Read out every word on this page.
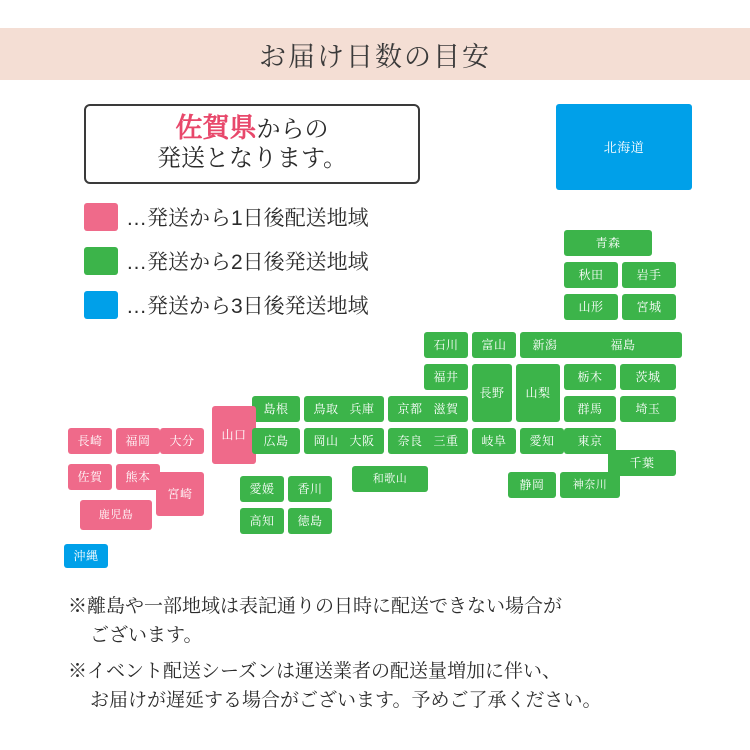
お届け日数の目安
佐賀県からの
発送となります。
…発送から1日後配送地域
…発送から2日後発送地域
…発送から3日後発送地域
北海道
青森
秋田	岩手
山形	宮城
福島
石川 富山 新潟
福井
長野 山梨
栃木	茨城
群馬	埼玉
滋賀
島根 鳥取 兵庫 京都
山口 広島 岡山 大阪 奈良 三重 岐阜 愛知 東京
千葉
静岡	神奈川
和歌山
愛媛 香川
高知 徳島
長崎 福岡 大分
佐賀 熊本
宮崎
鹿児島
沖縄

※離島や一部地域は表記通りの日時に配送できない場合が
ございます。

※イベント配送シーズンは運送業者の配送量増加に伴い、
お届けが遅延する場合がございます。予めご了承ください。
